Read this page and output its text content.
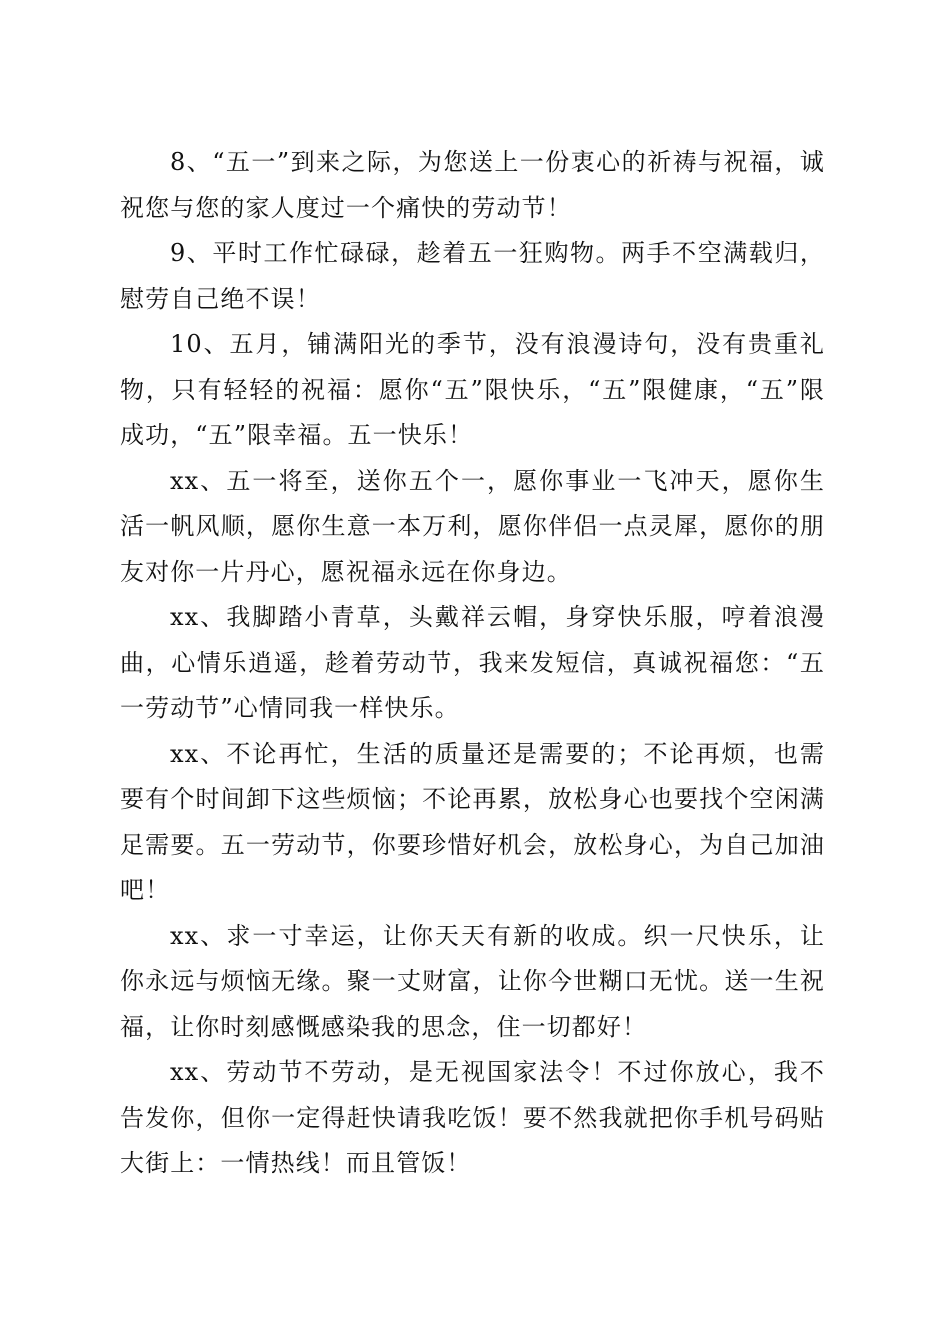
8、“五一”到来之际，为您送上一份衷心的祈祷与祝福，诚祝您与您的家人度过一个痛快的劳动节！

9、平时工作忙碌碌，趁着五一狂购物。两手不空满载归，慰劳自己绝不误！

10、五月，铺满阳光的季节，没有浪漫诗句，没有贵重礼物，只有轻轻的祝福：愿你“五”限快乐，“五”限健康，“五”限成功，“五”限幸福。五一快乐！

xx、五一将至，送你五个一，愿你事业一飞冲天，愿你生活一帆风顺，愿你生意一本万利，愿你伴侣一点灵犀，愿你的朋友对你一片丹心，愿祝福永远在你身边。

xx、我脚踏小青草，头戴祥云帽，身穿快乐服，哼着浪漫曲，心情乐逍遥，趁着劳动节，我来发短信，真诚祝福您：“五一劳动节”心情同我一样快乐。

xx、不论再忙，生活的质量还是需要的；不论再烦，也需要有个时间卸下这些烦恼；不论再累，放松身心也要找个空闲满足需要。五一劳动节，你要珍惜好机会，放松身心，为自己加油吧！

xx、求一寸幸运，让你天天有新的收成。织一尺快乐，让你永远与烦恼无缘。聚一丈财富，让你今世糊口无忧。送一生祝福，让你时刻感慨感染我的思念，住一切都好！

xx、劳动节不劳动，是无视国家法令！不过你放心，我不告发你，但你一定得赶快请我吃饭！要不然我就把你手机号码贴大街上：一情热线！而且管饭！
